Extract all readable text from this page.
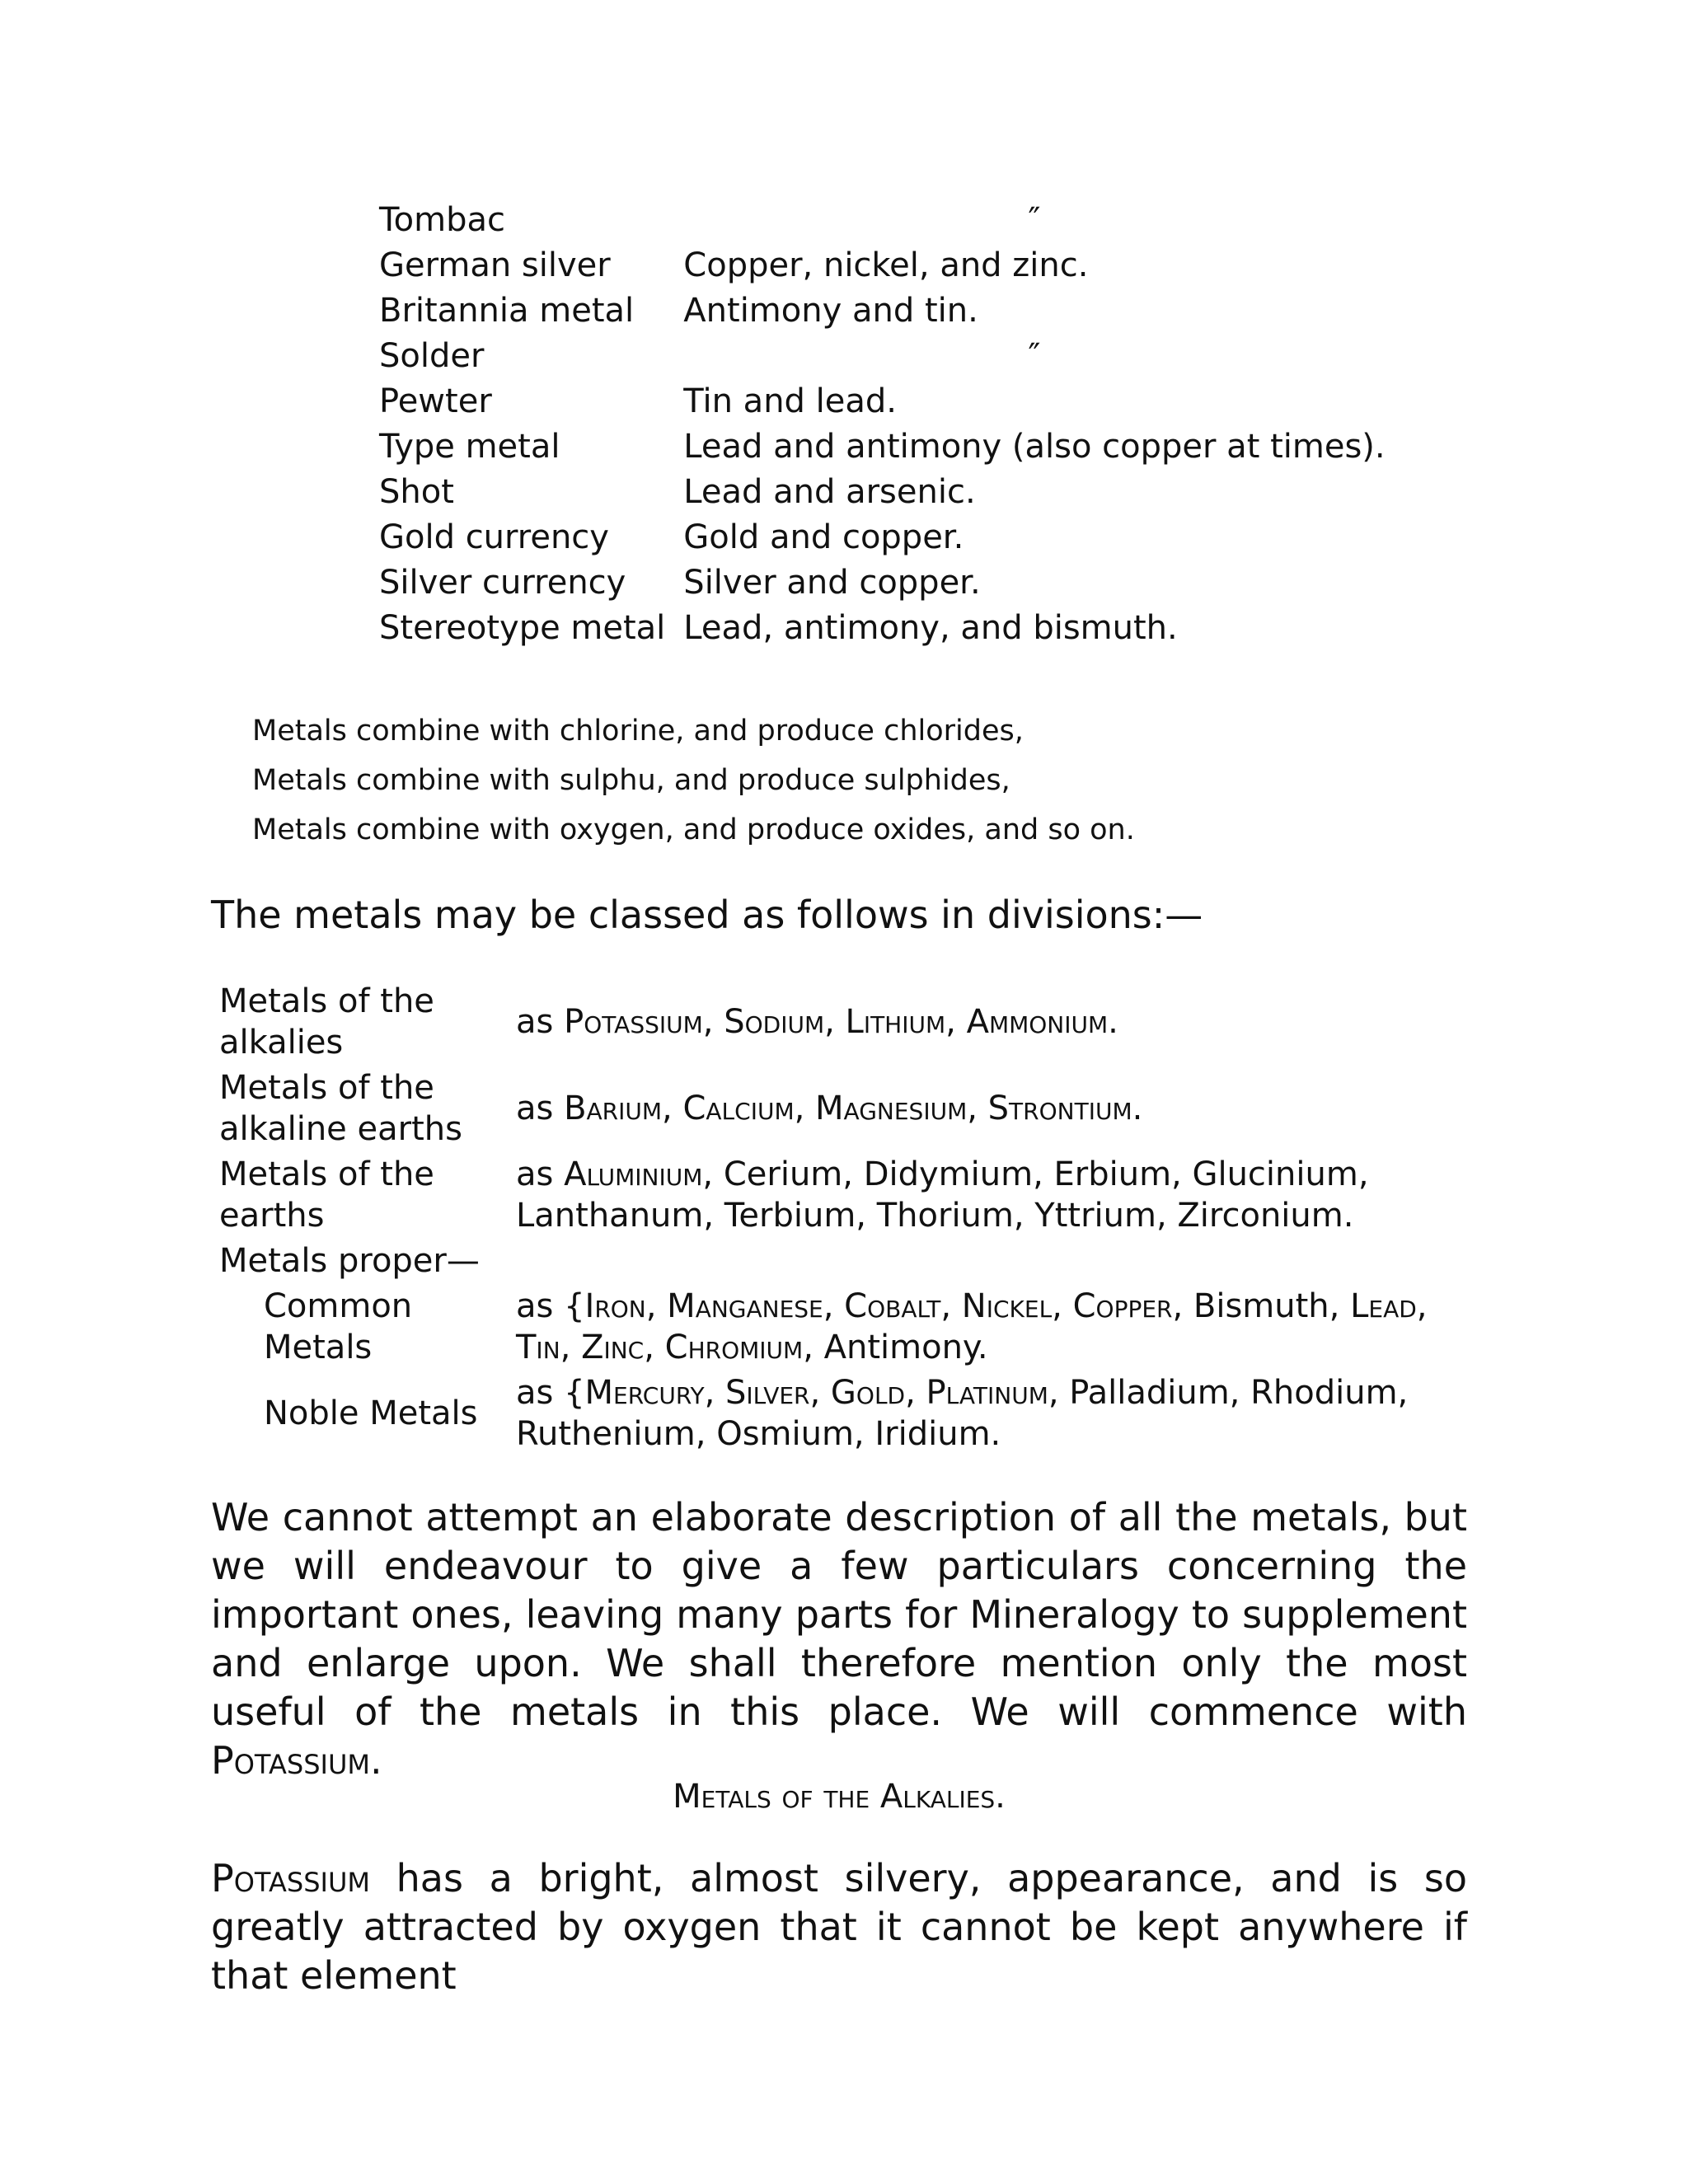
Tombac	″
German silver	Copper, nickel, and zinc.
Britannia metal	Antimony and tin.
Solder	″
Pewter	Tin and lead.
Type metal	Lead and antimony (also copper at times).
Shot	Lead and arsenic.
Gold currency	Gold and copper.
Silver currency	Silver and copper.
Stereotype metal	Lead, antimony, and bismuth.
Metals combine with chlorine, and produce chlorides,
Metals combine with sulphu, and produce sulphides,
Metals combine with oxygen, and produce oxides, and so on.
The metals may be classed as follows in divisions:—
Metals of the alkalies	as Potassium, Sodium, Lithium, Ammonium.
Metals of the alkaline earths	as Barium, Calcium, Magnesium, Strontium.
Metals of the earths	as Aluminium, Cerium, Didymium, Erbium, Glucinium, Lanthanum, Terbium, Thorium, Yttrium, Zirconium.
Metals proper—	
Common Metals	as {Iron, Manganese, Cobalt, Nickel, Copper, Bismuth, Lead, Tin, Zinc, Chromium, Antimony.
Noble Metals	as {Mercury, Silver, Gold, Platinum, Palladium, Rhodium, Ruthenium, Osmium, Iridium.
We cannot attempt an elaborate description of all the metals, but we will endeavour to give a few particulars concerning the important ones, leaving many parts for Mineralogy to supplement and enlarge upon. We shall therefore mention only the most useful of the metals in this place. We will commence with Potassium.
Metals of the Alkalies.
Potassium has a bright, almost silvery, appearance, and is so greatly attracted by oxygen that it cannot be kept anywhere if that element
